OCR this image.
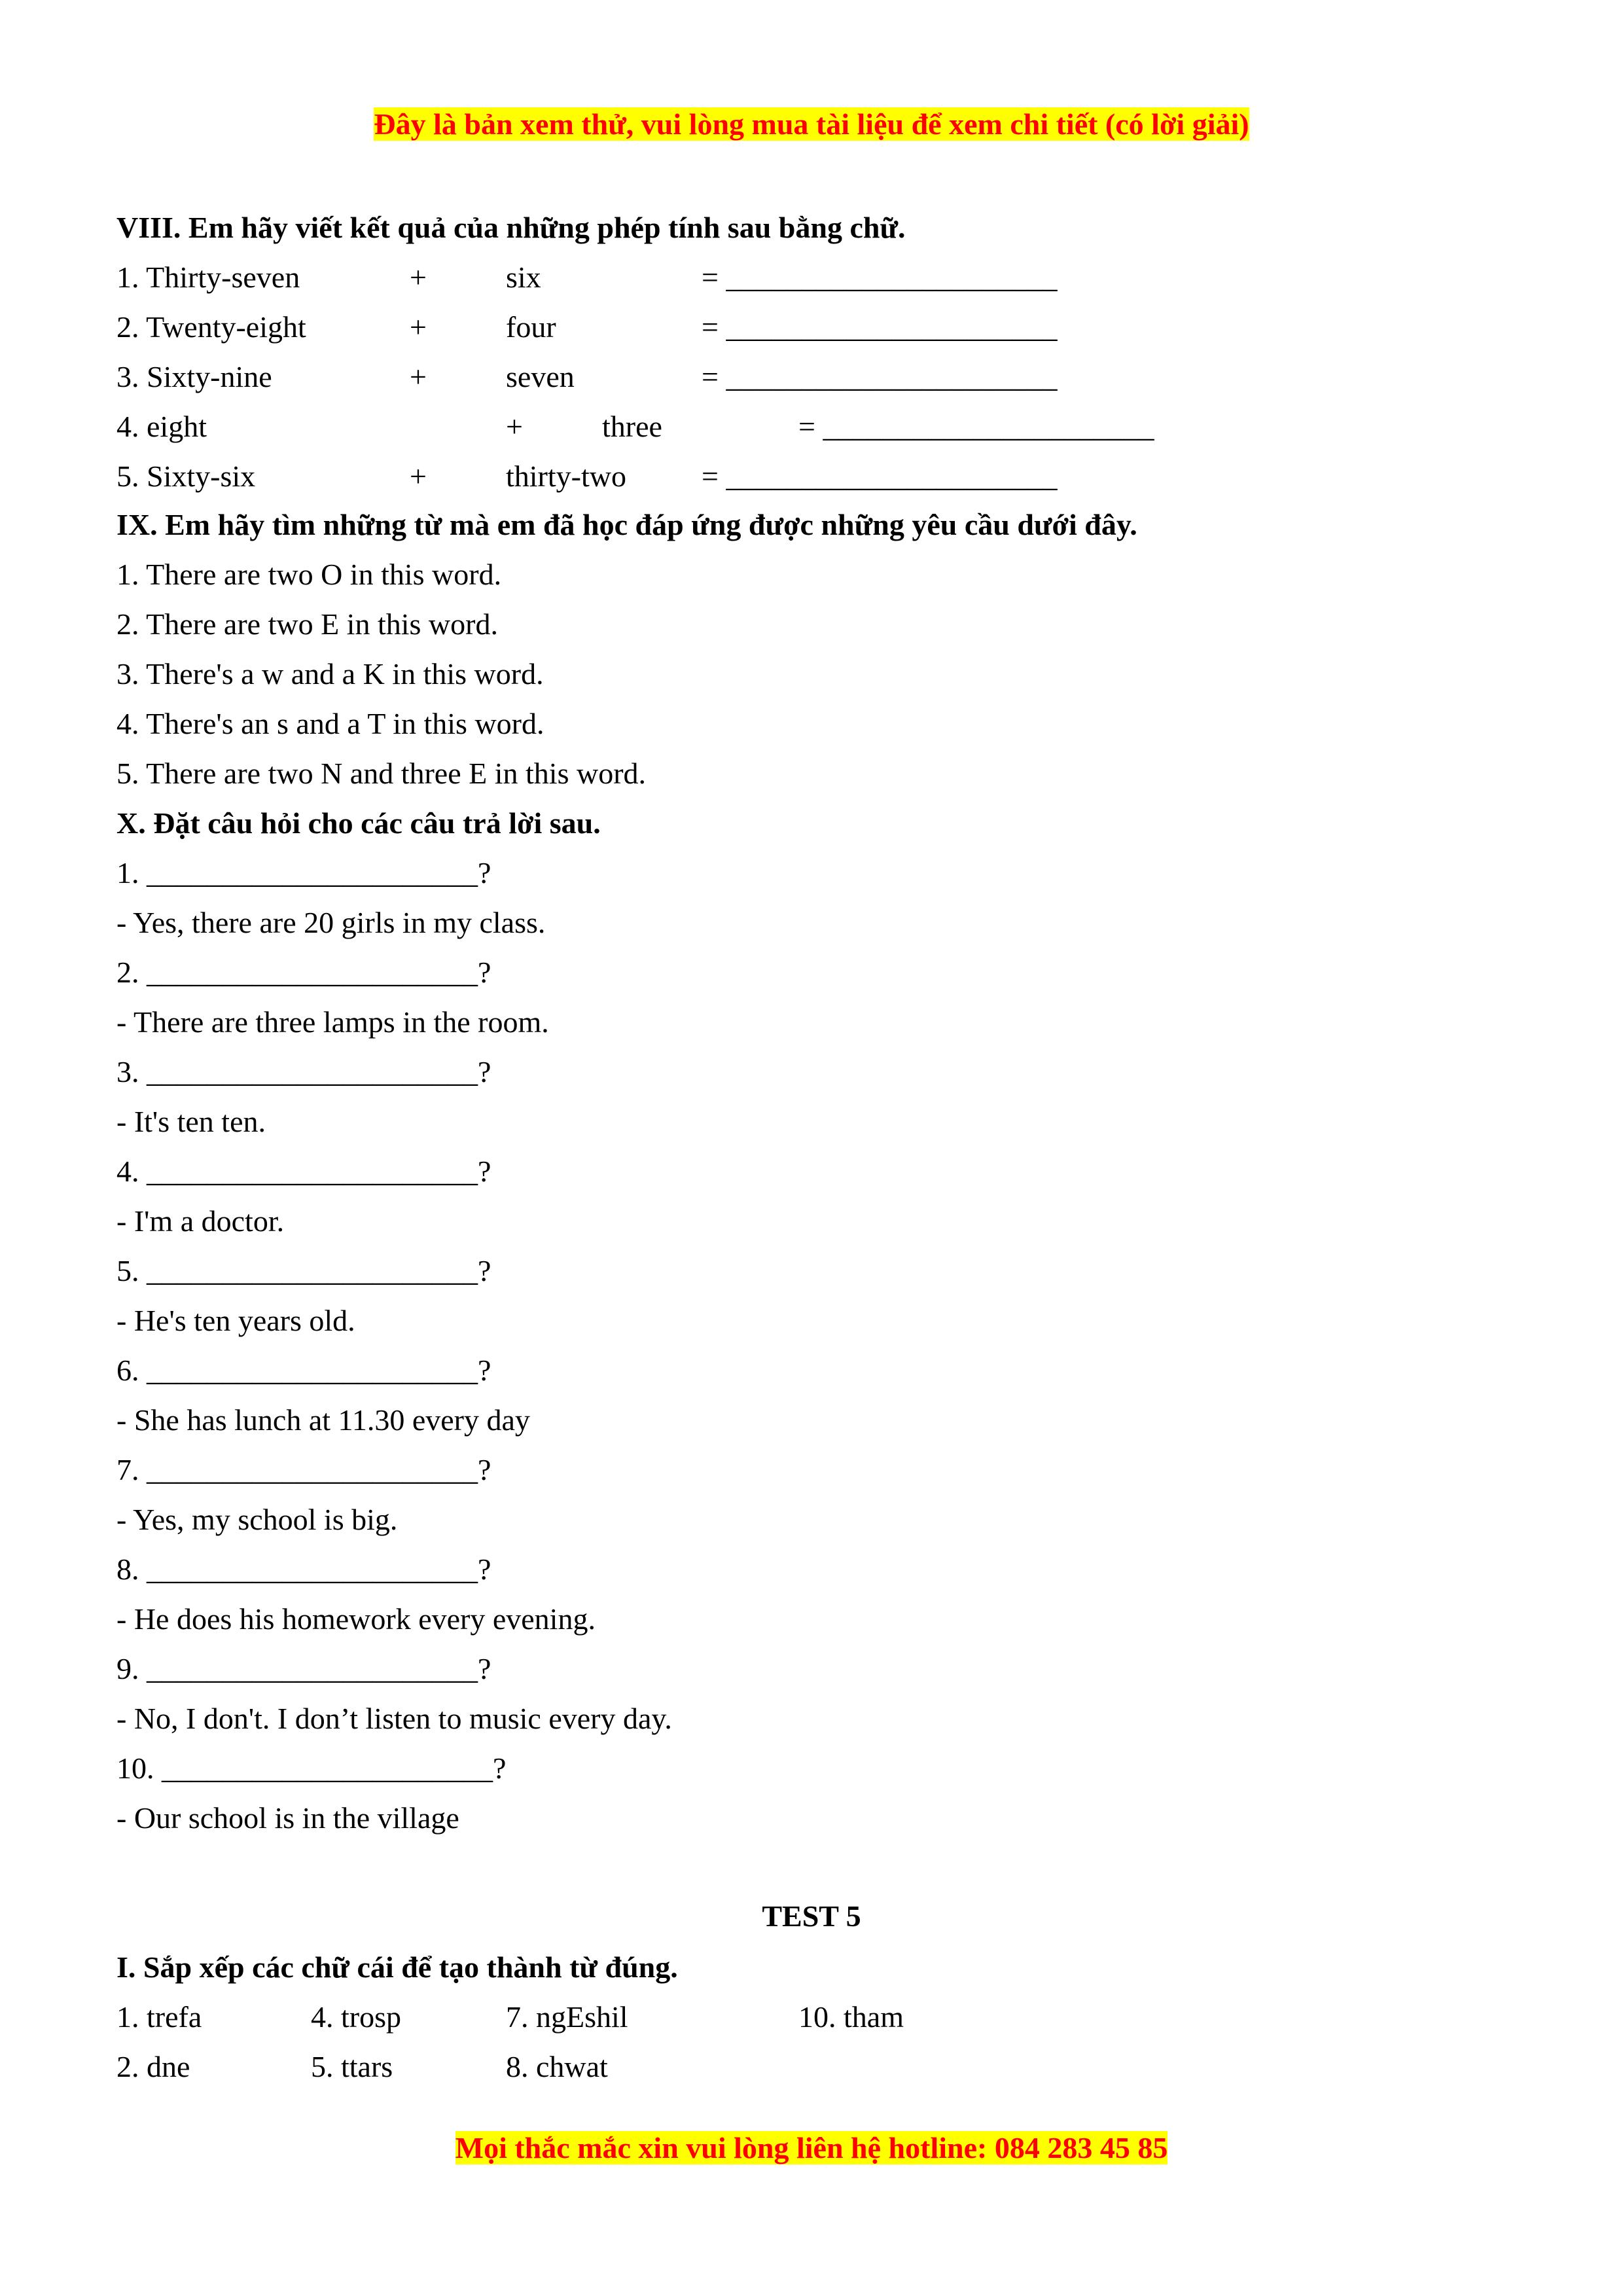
Đây là bản xem thử, vui lòng mua tài liệu để xem chi tiết (có lời giải)
VIII. Em hãy viết kết quả của những phép tính sau bằng chữ.
1. Thirty-seven	+	six	= ______________________
2. Twenty-eight	+	four	= ______________________
3. Sixty-nine	+	seven	= ______________________
4. eight	+	three	= ______________________
5. Sixty-six	+	thirty-two	= ______________________
IX. Em hãy tìm những từ mà em đã học đáp ứng được những yêu cầu dưới đây.
1. There are two O in this word.
2. There are two E in this word.
3. There's a w and a K in this word.
4. There's an s and a T in this word.
5. There are two N and three E in this word.
X. Đặt câu hỏi cho các câu trả lời sau.
1. ______________________?
- Yes, there are 20 girls in my class.
2. ______________________?
- There are three lamps in the room.
3. ______________________?
- It's ten ten.
4. ______________________?
- I'm a doctor.
5. ______________________?
- He's ten years old.
6. ______________________?
- She has lunch at 11.30 every day
7. ______________________?
- Yes, my school is big.
8. ______________________?
- He does his homework every evening.
9. ______________________?
- No, I don't. I don’t listen to music every day.
10. ______________________?
- Our school is in the village
TEST 5
I. Sắp xếp các chữ cái để tạo thành từ đúng.
1. trefa	4. trosp	7. ngEshil	10. tham
2. dne	5. ttars	8. chwat
Mọi thắc mắc xin vui lòng liên hệ hotline: 084 283 45 85
